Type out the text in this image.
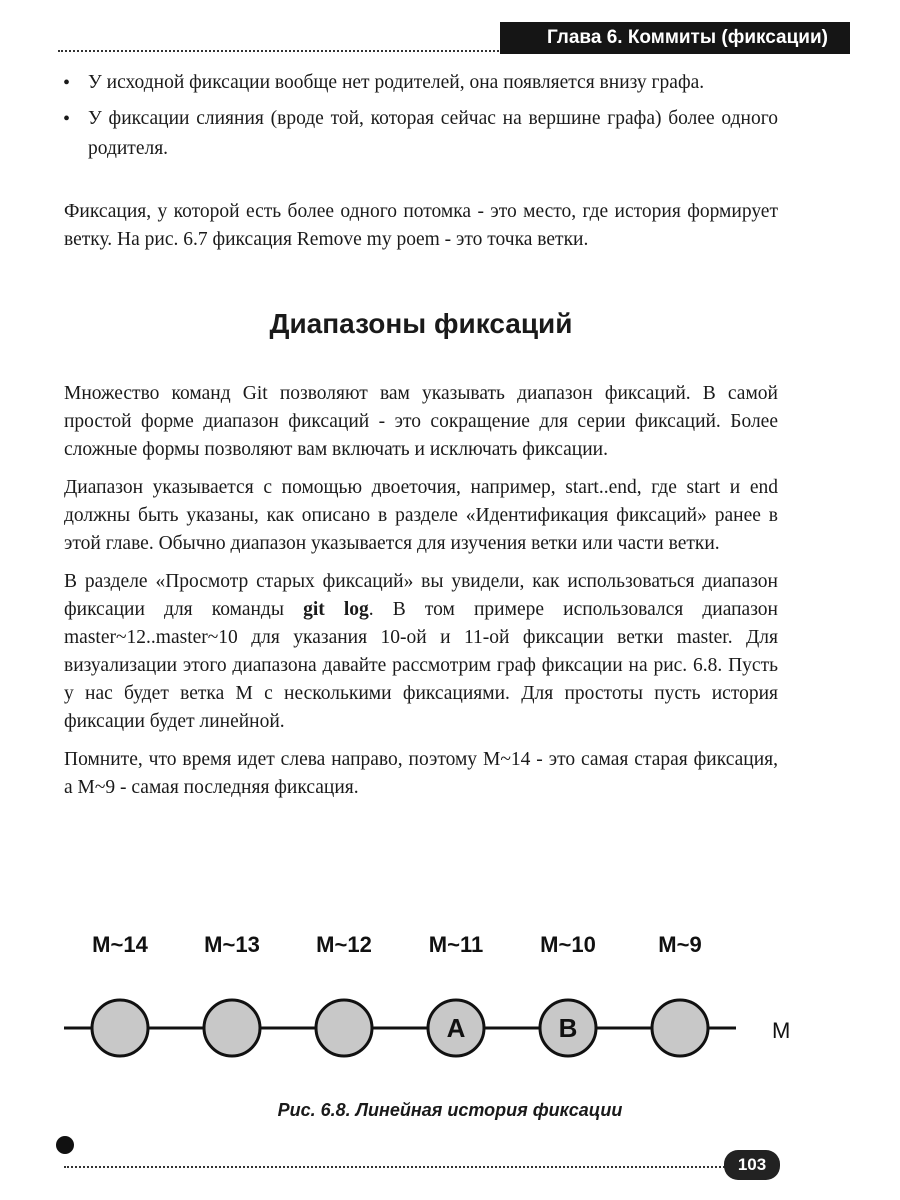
Глава 6. Коммиты (фиксации)
• У исходной фиксации вообще нет родителей, она появляется внизу графа.
• У фиксации слияния (вроде той, которая сейчас на вершине графа) более одного родителя.

Фиксация, у которой есть более одного потомка - это место, где история формирует ветку. На рис. 6.7 фиксация Remove my poem - это точка ветки.

Диапазоны фиксаций

Множество команд Git позволяют вам указывать диапазон фиксаций. В самой простой форме диапазон фиксаций - это сокращение для серии фиксаций. Более сложные формы позволяют вам включать и исключать фиксации.

Диапазон указывается с помощью двоеточия, например, start..end, где start и end должны быть указаны, как описано в разделе «Идентификация фиксаций» ранее в этой главе. Обычно диапазон указывается для изучения ветки или части ветки.

В разделе «Просмотр старых фиксаций» вы увидели, как использоваться диапазон фиксации для команды git log. В том примере использовался диапазон master~12..master~10 для указания 10-ой и 11-ой фиксации ветки master. Для визуализации этого диапазона давайте рассмотрим граф фиксации на рис. 6.8. Пусть у нас будет ветка M с несколькими фиксациями. Для простоты пусть история фиксации будет линейной.

Помните, что время идет слева направо, поэтому M~14 - это самая старая фиксация, а M~9 - самая последняя фиксация.

M~14	M~13	M~12	M~11
A
M~10
B
M~9
M
Рис. 6.8. Линейная история фиксации
103
